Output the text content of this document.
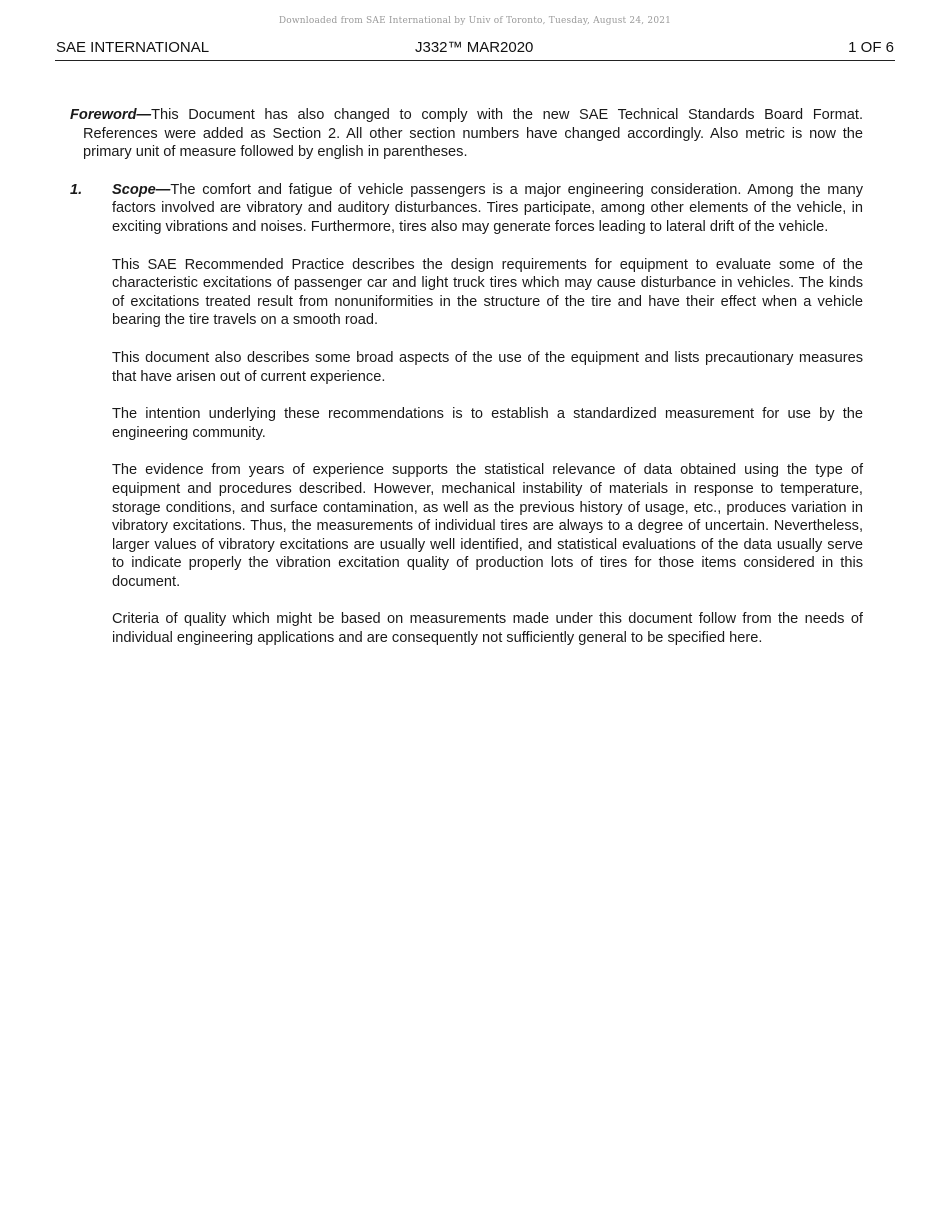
Downloaded from SAE International by Univ of Toronto, Tuesday, August 24, 2021
SAE INTERNATIONAL	J332™ MAR2020	1 OF 6

Foreword—This Document has also changed to comply with the new SAE Technical Standards Board Format. References were added as Section 2. All other section numbers have changed accordingly. Also metric is now the primary unit of measure followed by english in parentheses.

1. Scope—The comfort and fatigue of vehicle passengers is a major engineering consideration. Among the many factors involved are vibratory and auditory disturbances. Tires participate, among other elements of the vehicle, in exciting vibrations and noises. Furthermore, tires also may generate forces leading to lateral drift of the vehicle.

This SAE Recommended Practice describes the design requirements for equipment to evaluate some of the characteristic excitations of passenger car and light truck tires which may cause disturbance in vehicles. The kinds of excitations treated result from nonuniformities in the structure of the tire and have their effect when a vehicle bearing the tire travels on a smooth road.

This document also describes some broad aspects of the use of the equipment and lists precautionary measures that have arisen out of current experience.

The intention underlying these recommendations is to establish a standardized measurement for use by the engineering community.

The evidence from years of experience supports the statistical relevance of data obtained using the type of equipment and procedures described. However, mechanical instability of materials in response to temperature, storage conditions, and surface contamination, as well as the previous history of usage, etc., produces variation in vibratory excitations. Thus, the measurements of individual tires are always to a degree of uncertain. Nevertheless, larger values of vibratory excitations are usually well identified, and statistical evaluations of the data usually serve to indicate properly the vibration excitation quality of production lots of tires for those items considered in this document.

Criteria of quality which might be based on measurements made under this document follow from the needs of individual engineering applications and are consequently not sufficiently general to be specified here.
